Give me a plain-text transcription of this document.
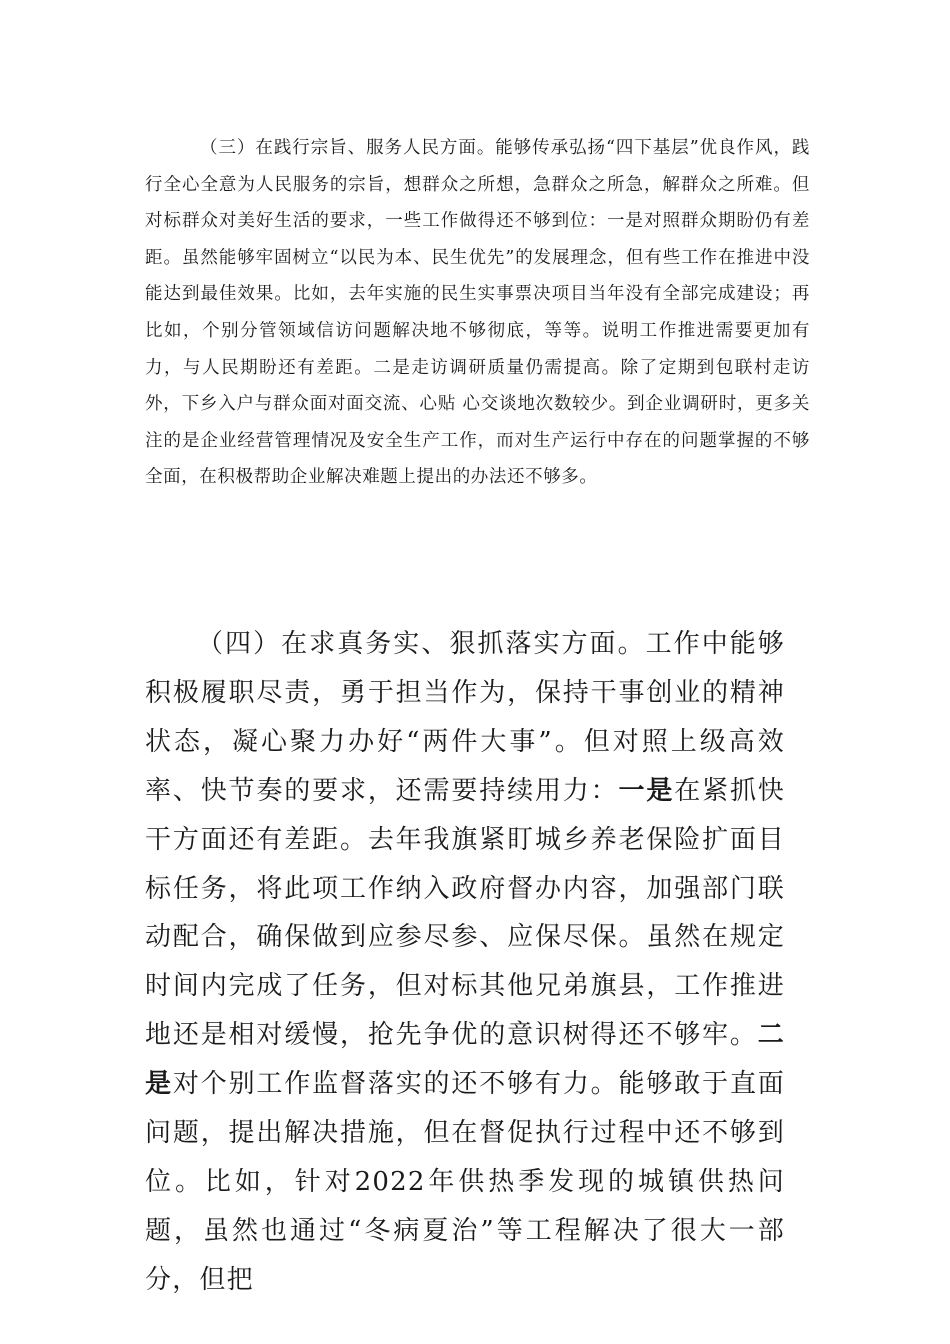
（三）在践行宗旨、服务人民方面。能够传承弘扬“四下基层”优良作风，践行全心全意为人民服务的宗旨，想群众之所想，急群众之所急，解群众之所难。但对标群众对美好生活的要求，一些工作做得还不够到位：一是对照群众期盼仍有差距。虽然能够牢固树立“以民为本、民生优先”的发展理念，但有些工作在推进中没能达到最佳效果。比如，去年实施的民生实事票决项目当年没有全部完成建设；再比如，个别分管领域信访问题解决地不够彻底，等等。说明工作推进需要更加有力，与人民期盼还有差距。二是走访调研质量仍需提高。除了定期到包联村走访外，下乡入户与群众面对面交流、心贴 心交谈地次数较少。到企业调研时，更多关注的是企业经营管理情况及安全生产工作，而对生产运行中存在的问题掌握的不够全面，在积极帮助企业解决难题上提出的办法还不够多。

（四）在求真务实、狠抓落实方面。工作中能够积极履职尽责，勇于担当作为，保持干事创业的精神状态，凝心聚力办好“两件大事”。但对照上级高效率、快节奏的要求，还需要持续用力：一是在紧抓快干方面还有差距。去年我旗紧盯城乡养老保险扩面目标任务，将此项工作纳入政府督办内容，加强部门联动配合，确保做到应参尽参、应保尽保。虽然在规定时间内完成了任务，但对标其他兄弟旗县，工作推进地还是相对缓慢，抢先争优的意识树得还不够牢。二是对个别工作监督落实的还不够有力。能够敢于直面问题，提出解决措施，但在督促执行过程中还不够到位。比如，针对2022年供热季发现的城镇供热问题，虽然也通过“冬病夏治”等工程解决了很大一部分，但把
